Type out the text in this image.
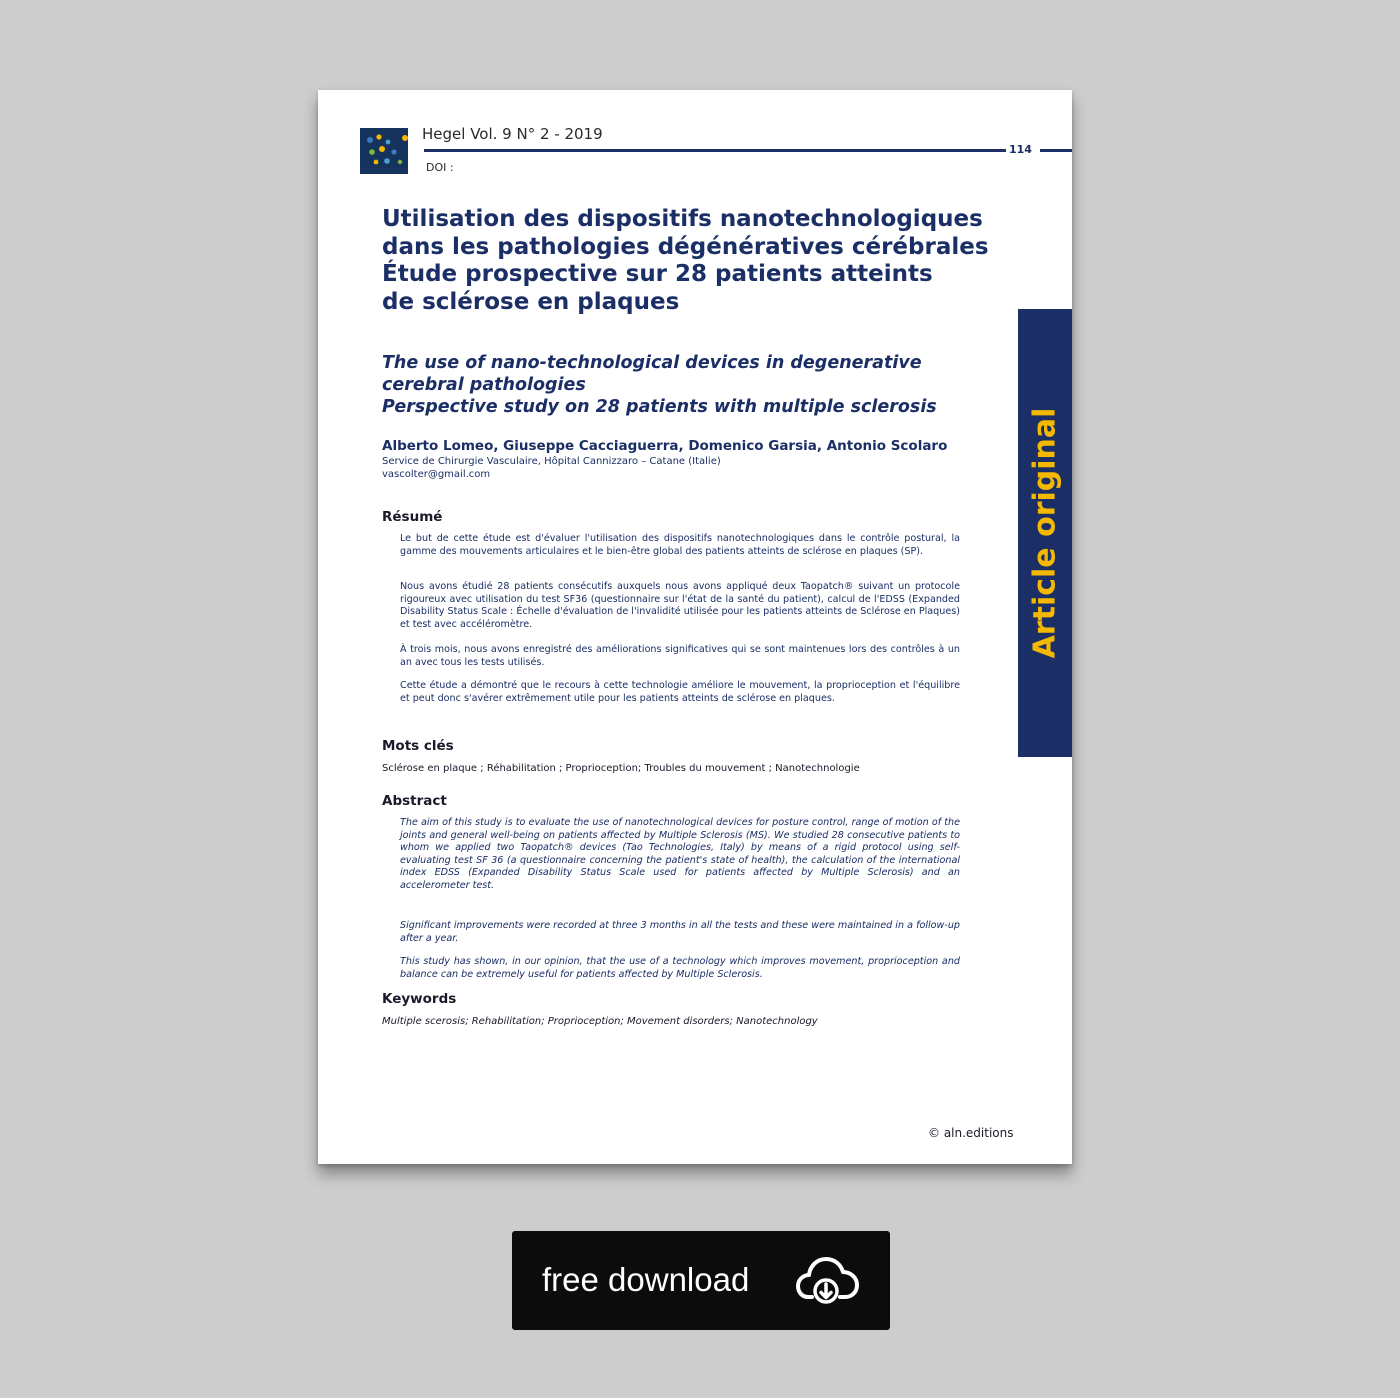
Hegel Vol. 9 N° 2 - 2019
114
DOI :
Utilisation des dispositifs nanotechnologiques
dans les pathologies dégénératives cérébrales
Étude prospective sur 28 patients atteints
de sclérose en plaques
The use of nano-technological devices in degenerative
cerebral pathologies
Perspective study on 28 patients with multiple sclerosis
Alberto Lomeo, Giuseppe Cacciaguerra, Domenico Garsia, Antonio Scolaro
Service de Chirurgie Vasculaire, Hôpital Cannizzaro – Catane (Italie)
vascolter@gmail.com
Résumé
Le but de cette étude est d'évaluer l'utilisation des dispositifs nanotechnologiques dans le contrôle postural, la gamme des mouvements articulaires et le bien-être global des patients atteints de sclérose en plaques (SP).
Nous avons étudié 28 patients consécutifs auxquels nous avons appliqué deux Taopatch® suivant un protocole rigoureux avec utilisation du test SF36 (questionnaire sur l'état de la santé du patient), calcul de l'EDSS (Expanded Disability Status Scale : Échelle d'évaluation de l'invalidité utilisée pour les patients atteints de Sclérose en Plaques) et test avec accéléromètre.
À trois mois, nous avons enregistré des améliorations significatives qui se sont maintenues lors des contrôles à un an avec tous les tests utilisés.
Cette étude a démontré que le recours à cette technologie améliore le mouvement, la proprioception et l'équilibre et peut donc s'avérer extrêmement utile pour les patients atteints de sclérose en plaques.
Mots clés
Sclérose en plaque ; Réhabilitation ; Proprioception; Troubles du mouvement ; Nanotechnologie
Abstract
The aim of this study is to evaluate the use of nanotechnological devices for posture control, range of motion of the joints and general well-being on patients affected by Multiple Sclerosis (MS). We studied 28 consecutive patients to whom we applied two Taopatch® devices (Tao Technologies, Italy) by means of a rigid protocol using self-evaluating test SF 36 (a questionnaire concerning the patient's state of health), the calculation of the international index EDSS (Expanded Disability Status Scale used for patients affected by Multiple Sclerosis) and an accelerometer test.
Significant improvements were recorded at three 3 months in all the tests and these were maintained in a follow-up after a year.
This study has shown, in our opinion, that the use of a technology which improves movement, proprioception and balance can be extremely useful for patients affected by Multiple Sclerosis.
Keywords
Multiple scerosis; Rehabilitation; Proprioception; Movement disorders; Nanotechnology
Article original
© aln.editions
free download
